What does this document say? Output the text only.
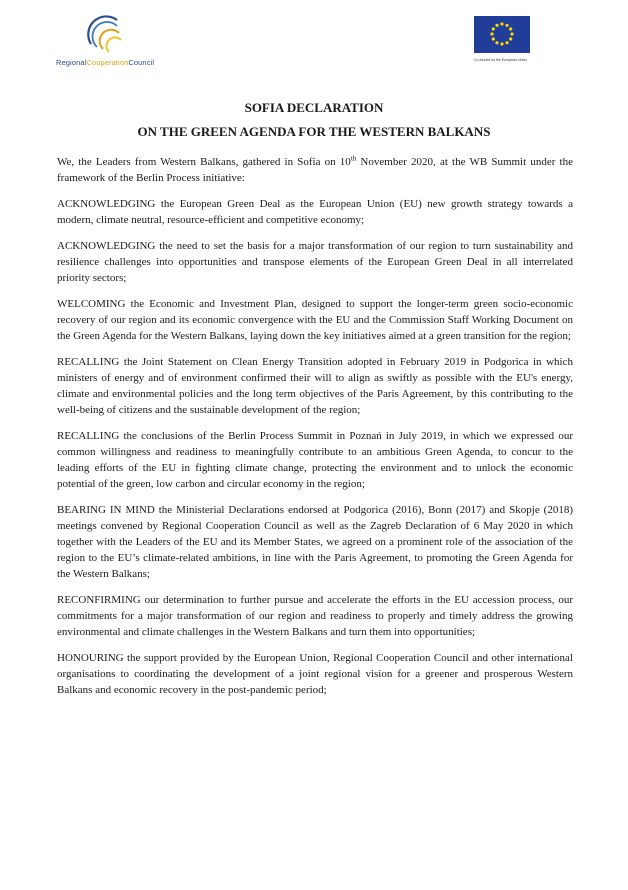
RegionalCooperationCouncil	Co-funded by the European Union
SOFIA DECLARATION
ON THE GREEN AGENDA FOR THE WESTERN BALKANS

We, the Leaders from Western Balkans, gathered in Sofia on 10th November 2020, at the WB Summit under the framework of the Berlin Process initiative:

ACKNOWLEDGING the European Green Deal as the European Union (EU) new growth strategy towards a modern, climate neutral, resource-efficient and competitive economy;

ACKNOWLEDGING the need to set the basis for a major transformation of our region to turn sustainability and resilience challenges into opportunities and transpose elements of the European Green Deal in all interrelated priority sectors;

WELCOMING the Economic and Investment Plan, designed to support the longer-term green socio-economic recovery of our region and its economic convergence with the EU and the Commission Staff Working Document on the Green Agenda for the Western Balkans, laying down the key initiatives aimed at a green transition for the region;

RECALLING the Joint Statement on Clean Energy Transition adopted in February 2019 in Podgorica in which ministers of energy and of environment confirmed their will to align as swiftly as possible with the EU's energy, climate and environmental policies and the long term objectives of the Paris Agreement, by this contributing to the well-being of citizens and the sustainable development of the region;

RECALLING the conclusions of the Berlin Process Summit in Poznań in July 2019, in which we expressed our common willingness and readiness to meaningfully contribute to an ambitious Green Agenda, to concur to the leading efforts of the EU in fighting climate change, protecting the environment and to unlock the economic potential of the green, low carbon and circular economy in the region;

BEARING IN MIND the Ministerial Declarations endorsed at Podgorica (2016), Bonn (2017) and Skopje (2018) meetings convened by Regional Cooperation Council as well as the Zagreb Declaration of 6 May 2020 in which together with the Leaders of the EU and its Member States, we agreed on a prominent role of the association of the region to the EU’s climate-related ambitions, in line with the Paris Agreement, to promoting the Green Agenda for the Western Balkans;

RECONFIRMING our determination to further pursue and accelerate the efforts in the EU accession process, our commitments for a major transformation of our region and readiness to properly and timely address the growing environmental and climate challenges in the Western Balkans and turn them into opportunities;

HONOURING the support provided by the European Union, Regional Cooperation Council and other international organisations to coordinating the development of a joint regional vision for a greener and prosperous Western Balkans and economic recovery in the post-pandemic period;
